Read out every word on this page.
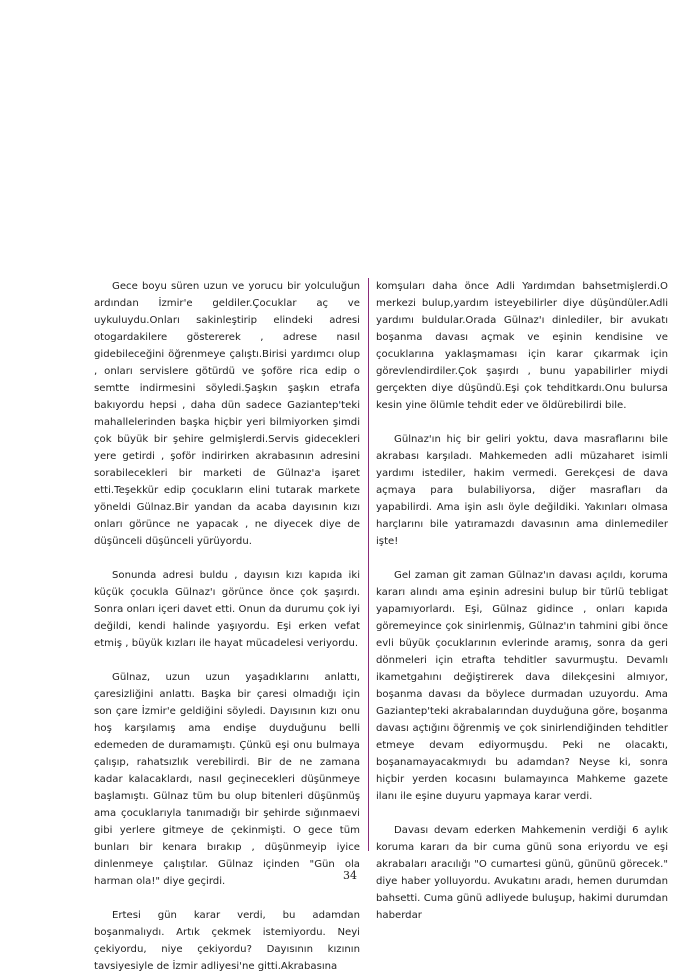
Gece boyu süren uzun ve yorucu bir yolculuğun ardından İzmir'e geldiler.Çocuklar aç ve uykuluydu.Onları sakinleştirip elindeki adresi otogardakilere göstererek , adrese nasıl gidebileceğini öğrenmeye çalıştı.Birisi yardımcı olup , onları servislere götürdü ve şoföre rica edip o semtte indirmesini söyledi.Şaşkın şaşkın etrafa bakıyordu hepsi , daha dün sadece Gaziantep'teki mahallelerinden başka hiçbir yeri bilmiyorken şimdi çok büyük bir şehire gelmişlerdi.Servis gidecekleri yere getirdi , şoför indirirken akrabasının adresini sorabilecekleri bir marketi de Gülnaz'a işaret etti.Teşekkür edip çocukların elini tutarak markete yöneldi Gülnaz.Bir yandan da acaba dayısının kızı onları görünce ne yapacak , ne diyecek diye de düşünceli düşünceli yürüyordu.

Sonunda adresi buldu , dayısın kızı kapıda iki küçük çocukla Gülnaz'ı görünce önce çok şaşırdı. Sonra onları içeri davet etti. Onun da durumu çok iyi değildi, kendi halinde yaşıyordu. Eşi erken vefat etmiş , büyük kızları ile hayat mücadelesi veriyordu.

Gülnaz, uzun uzun yaşadıklarını anlattı, çaresizliğini anlattı. Başka bir çaresi olmadığı için son çare İzmir'e geldiğini söyledi. Dayısının kızı onu hoş karşılamış ama endişe duyduğunu belli edemeden de duramamıştı. Çünkü eşi onu bulmaya çalışıp, rahatsızlık verebilirdi. Bir de ne zamana kadar kalacaklardı, nasıl geçinecekleri düşünmeye başlamıştı. Gülnaz tüm bu olup bitenleri düşünmüş ama çocuklarıyla tanımadığı bir şehirde sığınmaevi gibi yerlere gitmeye de çekinmişti. O gece tüm bunları bir kenara bırakıp , düşünmeyip iyice dinlenmeye çalıştılar. Gülnaz içinden "Gün ola harman ola!" diye geçirdi.

Ertesi gün karar verdi, bu adamdan boşanmalıydı. Artık çekmek istemiyordu. Neyi çekiyordu, niye çekiyordu? Dayısının kızının tavsiyesiyle de İzmir adliyesi'ne gitti.Akrabasına

komşuları daha önce Adli Yardımdan bahsetmişlerdi.O merkezi bulup,yardım isteyebilirler diye düşündüler.Adli yardımı buldular.Orada Gülnaz'ı dinlediler, bir avukatı boşanma davası açmak ve eşinin kendisine ve çocuklarına yaklaşmaması için karar çıkarmak için görevlendirdiler.Çok şaşırdı , bunu yapabilirler miydi gerçekten diye düşündü.Eşi çok tehditkardı.Onu bulursa kesin yine ölümle tehdit eder ve öldürebilirdi bile.

Gülnaz'ın hiç bir geliri yoktu, dava masraflarını bile akrabası karşıladı. Mahkemeden adli müzaharet isimli yardımı istediler, hakim vermedi. Gerekçesi de dava açmaya para bulabiliyorsa, diğer masrafları da yapabilirdi. Ama işin aslı öyle değildiki. Yakınları olmasa harçlarını bile yatıramazdı davasının ama dinlemediler işte!

Gel zaman git zaman Gülnaz'ın davası açıldı, koruma kararı alındı ama eşinin adresini bulup bir türlü tebligat yapamıyorlardı. Eşi, Gülnaz gidince , onları kapıda göremeyince çok sinirlenmiş, Gülnaz'ın tahmini gibi önce evli büyük çocuklarının evlerinde aramış, sonra da geri dönmeleri için etrafta tehditler savurmuştu. Devamlı ikametgahını değiştirerek dava dilekçesini almıyor, boşanma davası da böylece durmadan uzuyordu. Ama Gaziantep'teki akrabalarından duyduğuna göre, boşanma davası açtığını öğrenmiş ve çok sinirlendiğinden tehditler etmeye devam ediyormuşdu. Peki ne olacaktı, boşanamayacakmıydı bu adamdan? Neyse ki, sonra hiçbir yerden kocasını bulamayınca Mahkeme gazete ilanı ile eşine duyuru yapmaya karar verdi.

Davası devam ederken Mahkemenin verdiği 6 aylık koruma kararı da bir cuma günü sona eriyordu ve eşi akrabaları aracılığı "O cumartesi günü, gününü görecek." diye haber yolluyordu. Avukatını aradı, hemen durumdan bahsetti. Cuma günü adliyede buluşup, hakimi durumdan haberdar

34
